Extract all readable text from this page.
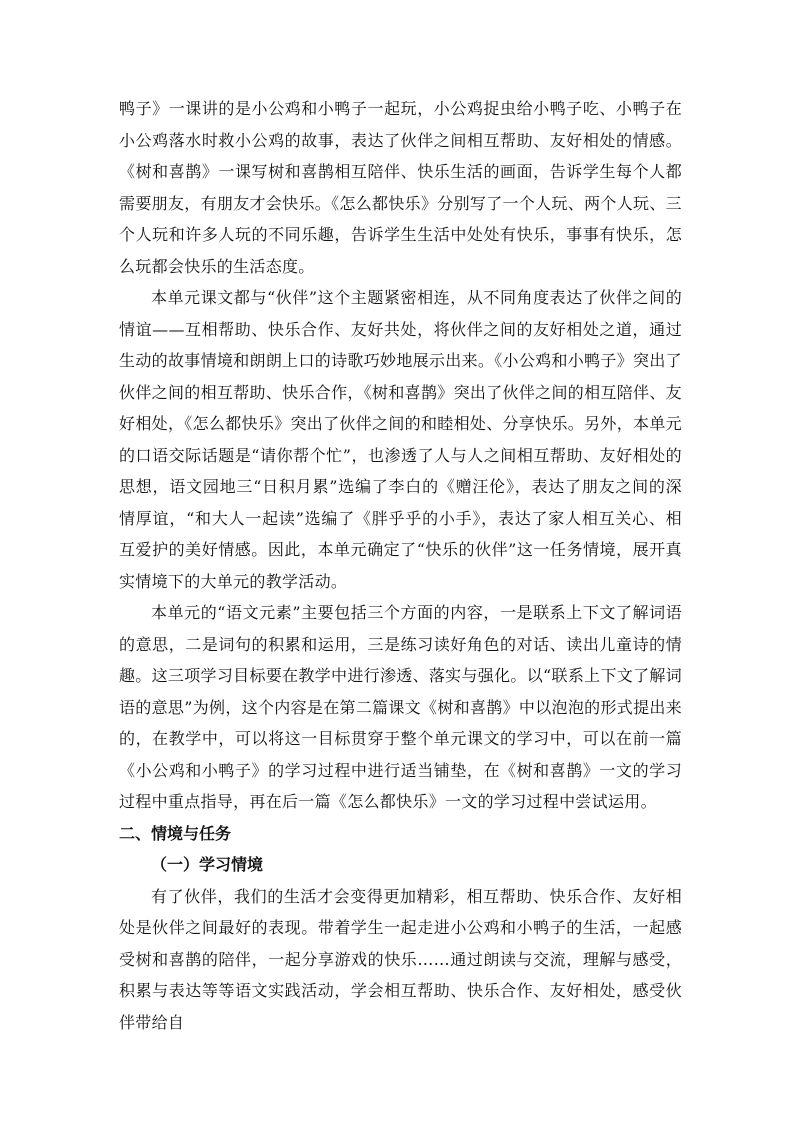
鸭子》一课讲的是小公鸡和小鸭子一起玩，小公鸡捉虫给小鸭子吃、小鸭子在小公鸡落水时救小公鸡的故事，表达了伙伴之间相互帮助、友好相处的情感。《树和喜鹊》一课写树和喜鹊相互陪伴、快乐生活的画面，告诉学生每个人都需要朋友，有朋友才会快乐。《怎么都快乐》分别写了一个人玩、两个人玩、三个人玩和许多人玩的不同乐趣，告诉学生生活中处处有快乐，事事有快乐，怎么玩都会快乐的生活态度。

本单元课文都与“伙伴”这个主题紧密相连，从不同角度表达了伙伴之间的情谊——互相帮助、快乐合作、友好共处，将伙伴之间的友好相处之道，通过生动的故事情境和朗朗上口的诗歌巧妙地展示出来。《小公鸡和小鸭子》突出了伙伴之间的相互帮助、快乐合作，《树和喜鹊》突出了伙伴之间的相互陪伴、友好相处，《怎么都快乐》突出了伙伴之间的和睦相处、分享快乐。另外，本单元的口语交际话题是“请你帮个忙”，也渗透了人与人之间相互帮助、友好相处的思想，语文园地三“日积月累”选编了李白的《赠汪伦》，表达了朋友之间的深情厚谊，“和大人一起读”选编了《胖乎乎的小手》，表达了家人相互关心、相互爱护的美好情感。因此，本单元确定了“快乐的伙伴”这一任务情境，展开真实情境下的大单元的教学活动。

本单元的“语文元素”主要包括三个方面的内容，一是联系上下文了解词语的意思，二是词句的积累和运用，三是练习读好角色的对话、读出儿童诗的情趣。这三项学习目标要在教学中进行渗透、落实与强化。以“联系上下文了解词语的意思”为例，这个内容是在第二篇课文《树和喜鹊》中以泡泡的形式提出来的，在教学中，可以将这一目标贯穿于整个单元课文的学习中，可以在前一篇《小公鸡和小鸭子》的学习过程中进行适当铺垫，在《树和喜鹊》一文的学习过程中重点指导，再在后一篇《怎么都快乐》一文的学习过程中尝试运用。

二、情境与任务

（一）学习情境

有了伙伴，我们的生活才会变得更加精彩，相互帮助、快乐合作、友好相处是伙伴之间最好的表现。带着学生一起走进小公鸡和小鸭子的生活，一起感受树和喜鹊的陪伴，一起分享游戏的快乐……通过朗读与交流，理解与感受，积累与表达等等语文实践活动，学会相互帮助、快乐合作、友好相处，感受伙伴带给自
